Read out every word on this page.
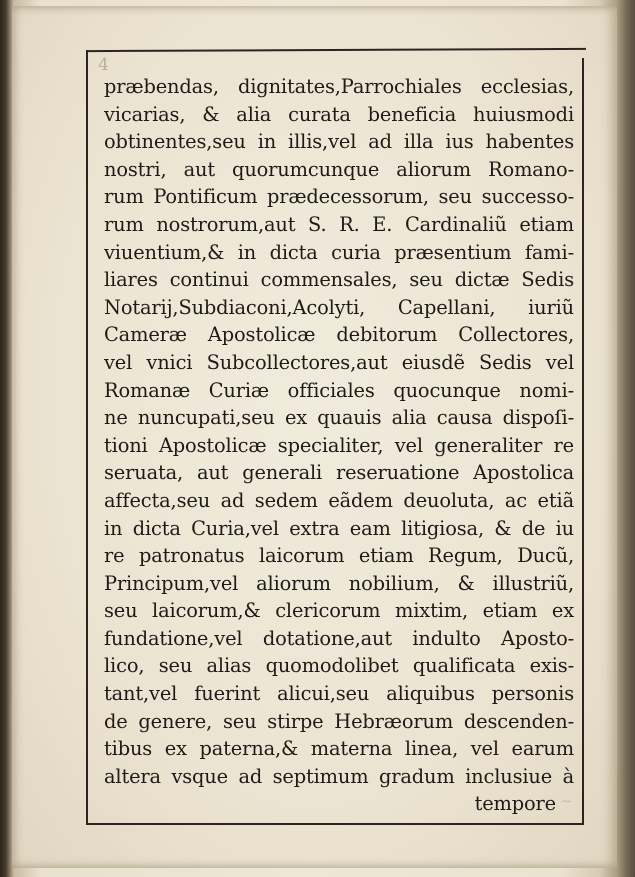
4
præbendas, dignitates,Parrochiales ecclesias,
vicarias, & alia curata beneficia huiusmodi
obtinentes,seu in illis,vel ad illa ius habentes
nostri, aut quorumcunque aliorum Romano-
rum Pontificum prædecessorum, seu successo-
rum nostrorum,aut S. R. E. Cardinaliũ etiam
viuentium,& in dicta curia præsentium fami-
liares continui commensales, seu dictæ Sedis
Notarij,Subdiaconi,Acolyti, Capellani, iuriũ
Cameræ Apostolicæ debitorum Collectores,
vel vnici Subcollectores,aut eiusdẽ Sedis vel
Romanæ Curiæ officiales quocunque nomi-
ne nuncupati,seu ex quauis alia causa dispoſi-
tioni Apostolicæ specialiter, vel generaliter re
seruata, aut generali reseruatione Apostolica
affecta,seu ad sedem eãdem deuoluta, ac etiã
in dicta Curia,vel extra eam litigiosa, & de iu
re patronatus laicorum etiam Regum, Ducũ,
Principum,vel aliorum nobilium, & illustriũ,
seu laicorum,& clericorum mixtim, etiam ex
fundatione,vel dotatione,aut indulto Aposto-
lico, seu alias quomodolibet qualificata exis-
tant,vel fuerint alicui,seu aliquibus personis
de genere, seu stirpe Hebræorum descenden-
tibus ex paterna,& materna linea, vel earum
altera vsque ad septimum gradum inclusiue à
tempore ~
